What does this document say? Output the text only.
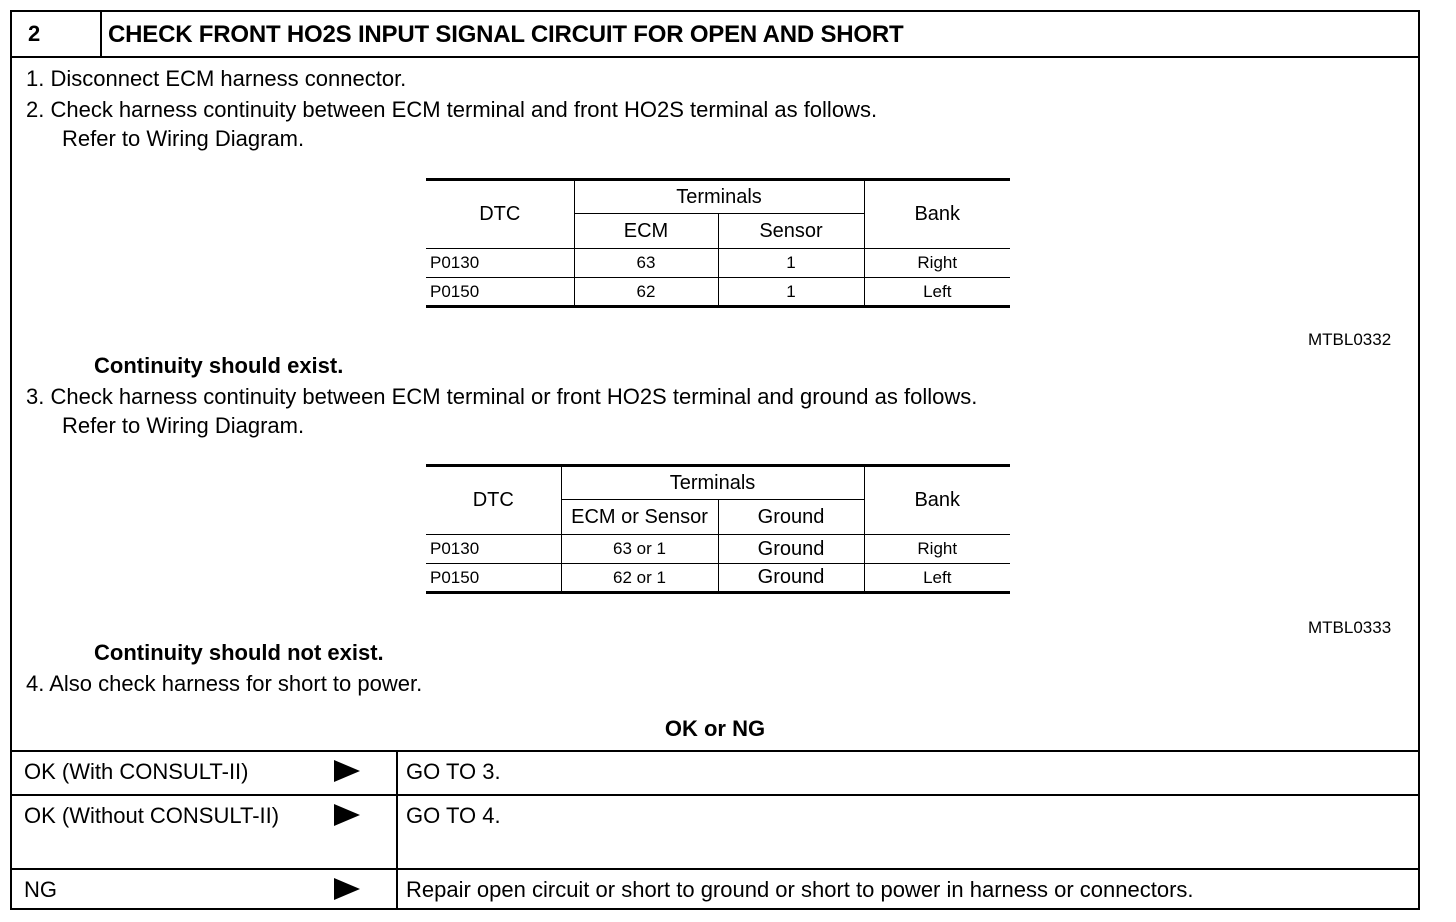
2	CHECK FRONT HO2S INPUT SIGNAL CIRCUIT FOR OPEN AND SHORT
1. Disconnect ECM harness connector.
2. Check harness continuity between ECM terminal and front HO2S terminal as follows.
Refer to Wiring Diagram.
DTC	Terminals		Bank
	ECM	Sensor	
P0130	63	1	Right
P0150	62	1	Left
MTBL0332
Continuity should exist.
3. Check harness continuity between ECM terminal or front HO2S terminal and ground as follows.
Refer to Wiring Diagram.
DTC	Terminals		Bank
	ECM or Sensor	Ground	
P0130	63 or 1	Ground	Right
P0150	62 or 1	Ground	Left
MTBL0333
Continuity should not exist.
4. Also check harness for short to power.
OK or NG
OK (With CONSULT-II)	GO TO 3.
OK (Without CONSULT-II)	GO TO 4.
NG	Repair open circuit or short to ground or short to power in harness or connectors.
